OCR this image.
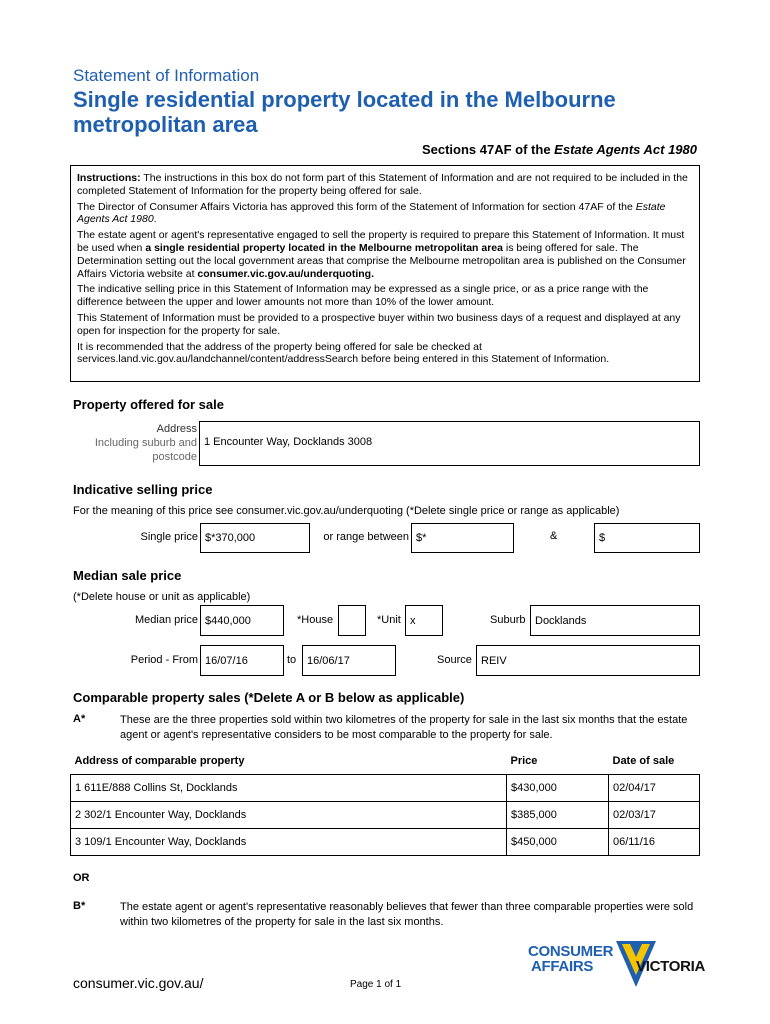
Statement of Information
Single residential property located in the Melbourne
metropolitan area
Sections 47AF of the Estate Agents Act 1980

Instructions: The instructions in this box do not form part of this Statement of Information and are not required to be included in the completed Statement of Information for the property being offered for sale.

The Director of Consumer Affairs Victoria has approved this form of the Statement of Information for section 47AF of the Estate Agents Act 1980.

The estate agent or agent's representative engaged to sell the property is required to prepare this Statement of Information. It must be used when a single residential property located in the Melbourne metropolitan area is being offered for sale. The Determination setting out the local government areas that comprise the Melbourne metropolitan area is published on the Consumer Affairs Victoria website at consumer.vic.gov.au/underquoting.

The indicative selling price in this Statement of Information may be expressed as a single price, or as a price range with the difference between the upper and lower amounts not more than 10% of the lower amount.

This Statement of Information must be provided to a prospective buyer within two business days of a request and displayed at any open for inspection for the property for sale.

It is recommended that the address of the property being offered for sale be checked at services.land.vic.gov.au/landchannel/content/addressSearch before being entered in this Statement of Information.

Property offered for sale
Address
Including suburb and
postcode
1 Encounter Way, Docklands 3008
Indicative selling price
For the meaning of this price see consumer.vic.gov.au/underquoting (*Delete single price or range as applicable)
Single price $*370,000	or range between $*	&	$
Median sale price
(*Delete house or unit as applicable)
Median price $440,000	*House	*Unit x	Suburb Docklands
Period - From 16/07/16	to 16/06/17	Source REIV
Comparable property sales (*Delete A or B below as applicable)
A*	These are the three properties sold within two kilometres of the property for sale in the last six months that the estate agent or agent's representative considers to be most comparable to the property for sale.
Address of comparable property	Price	Date of sale
1 611E/888 Collins St, Docklands	$430,000	02/04/17
2 302/1 Encounter Way, Docklands	$385,000	02/03/17
3 109/1 Encounter Way, Docklands	$450,000	06/11/16
OR
B*	The estate agent or agent's representative reasonably believes that fewer than three comparable properties were sold within two kilometres of the property for sale in the last six months.
CONSUMER
AFFAIRS	VICTORIA
consumer.vic.gov.au/	Page 1 of 1
